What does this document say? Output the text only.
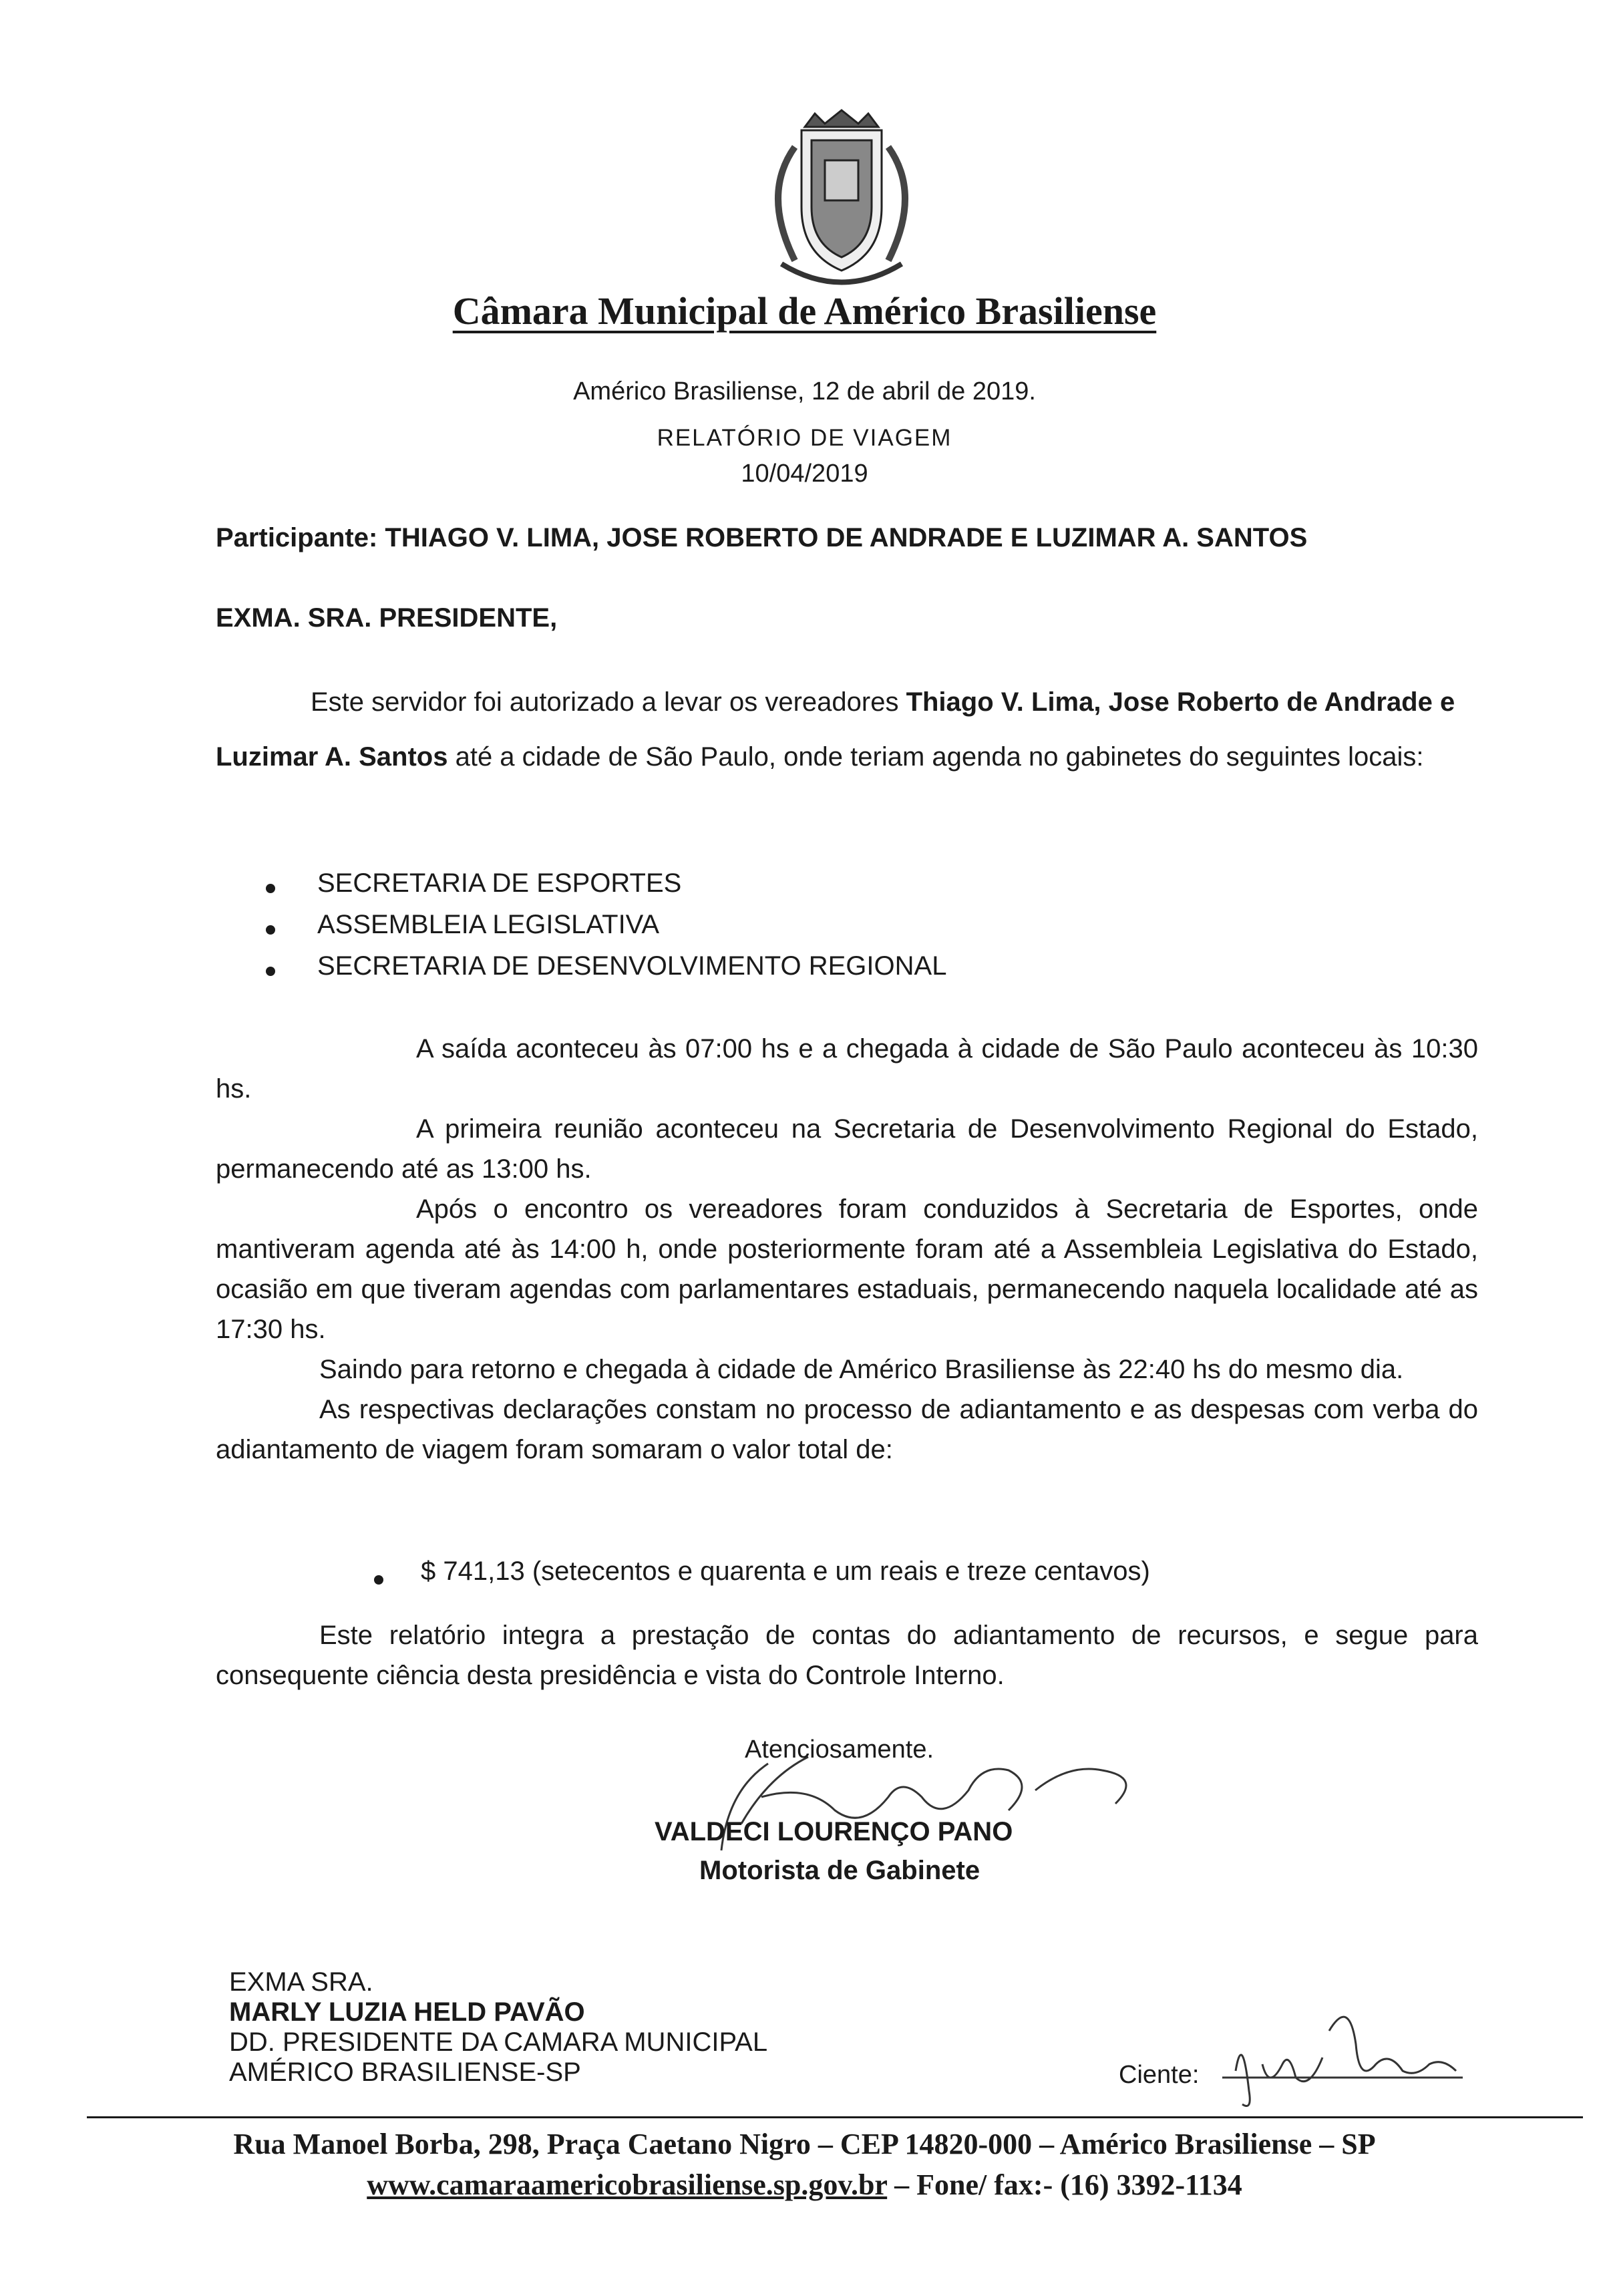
Câmara Municipal de Américo Brasiliense
Américo Brasiliense, 12 de abril de 2019.
RELATÓRIO DE VIAGEM
10/04/2019
Participante: THIAGO V. LIMA, JOSE ROBERTO DE ANDRADE E LUZIMAR A. SANTOS
EXMA. SRA. PRESIDENTE,
Este servidor foi autorizado a levar os vereadores Thiago V. Lima, Jose Roberto de Andrade e Luzimar A. Santos até a cidade de São Paulo, onde teriam agenda no gabinetes do seguintes locais:
SECRETARIA DE ESPORTES
ASSEMBLEIA LEGISLATIVA
SECRETARIA DE DESENVOLVIMENTO REGIONAL

A saída aconteceu às 07:00 hs e a chegada à cidade de São Paulo aconteceu às 10:30 hs.

A primeira reunião aconteceu na Secretaria de Desenvolvimento Regional do Estado, permanecendo até as 13:00 hs.

Após o encontro os vereadores foram conduzidos à Secretaria de Esportes, onde mantiveram agenda até às 14:00 h, onde posteriormente foram até a Assembleia Legislativa do Estado, ocasião em que tiveram agendas com parlamentares estaduais, permanecendo naquela localidade até as 17:30 hs.

Saindo para retorno e chegada à cidade de Américo Brasiliense às 22:40 hs do mesmo dia.

As respectivas declarações constam no processo de adiantamento e as despesas com verba do adiantamento de viagem foram somaram o valor total de:

$ 741,13 (setecentos e quarenta e um reais e treze centavos)

Este relatório integra a prestação de contas do adiantamento de recursos, e segue para consequente ciência desta presidência e vista do Controle Interno.

Atenciosamente.
VALDECI LOURENÇO PANO
Motorista de Gabinete
EXMA SRA.
MARLY LUZIA HELD PAVÃO
DD. PRESIDENTE DA CAMARA MUNICIPAL
AMÉRICO BRASILIENSE-SP	Ciente:
Rua Manoel Borba, 298, Praça Caetano Nigro – CEP 14820-000 – Américo Brasiliense – SP
www.camaraamericobrasiliense.sp.gov.br – Fone/ fax:- (16) 3392-1134
